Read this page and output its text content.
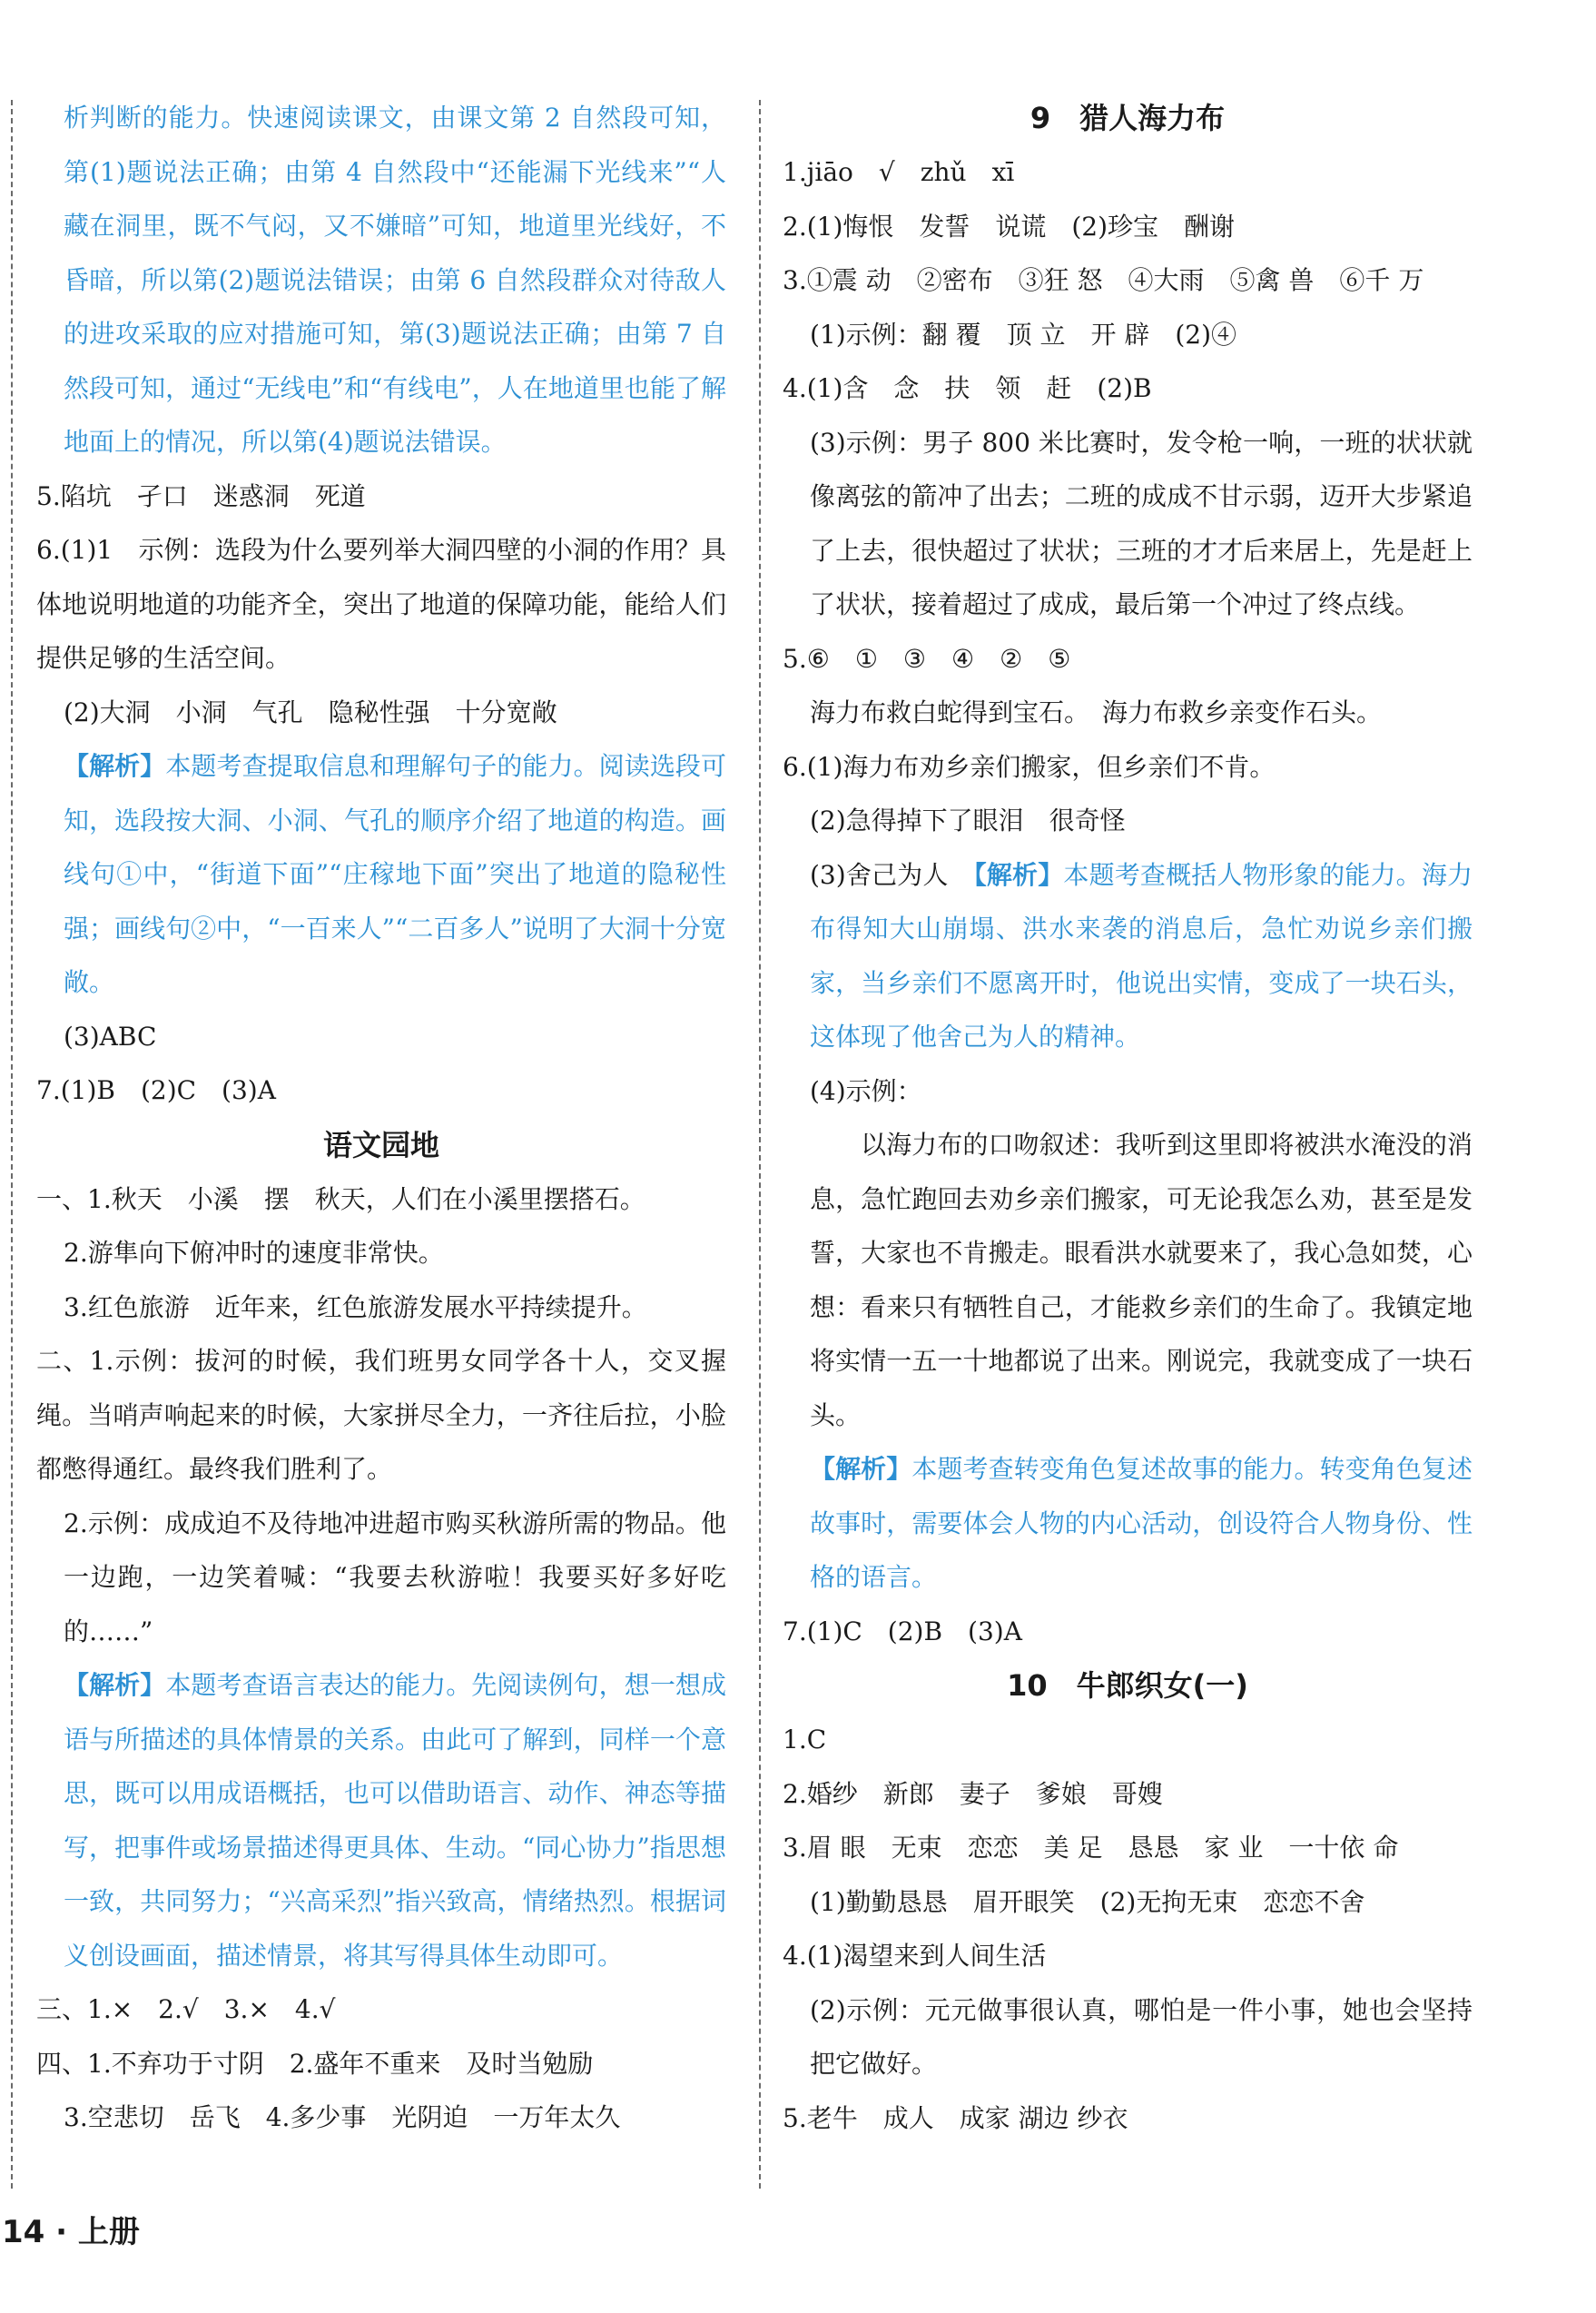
析判断的能力。快速阅读课文，由课文第 2 自然段可知，第(1)题说法正确；由第 4 自然段中“还能漏下光线来”“人藏在洞里，既不气闷，又不嫌暗”可知，地道里光线好，不昏暗，所以第(2)题说法错误；由第 6 自然段群众对待敌人的进攻采取的应对措施可知，第(3)题说法正确；由第 7 自然段可知，通过“无线电”和“有线电”，人在地道里也能了解地面上的情况，所以第(4)题说法错误。

5.陷坑　孑口　迷惑洞　死道

6.(1)1　示例：选段为什么要列举大洞四壁的小洞的作用？具体地说明地道的功能齐全，突出了地道的保障功能，能给人们提供足够的生活空间。

(2)大洞　小洞　气孔　隐秘性强　十分宽敞

【解析】本题考查提取信息和理解句子的能力。阅读选段可知，选段按大洞、小洞、气孔的顺序介绍了地道的构造。画线句①中，“街道下面”“庄稼地下面”突出了地道的隐秘性强；画线句②中，“一百来人”“二百多人”说明了大洞十分宽敞。

(3)ABC

7.(1)B　(2)C　(3)A

语文园地

一、1.秋天　小溪　摆　秋天，人们在小溪里摆搭石。

2.游隼向下俯冲时的速度非常快。

3.红色旅游　近年来，红色旅游发展水平持续提升。

二、1.示例：拔河的时候，我们班男女同学各十人，交叉握绳。当哨声响起来的时候，大家拼尽全力，一齐往后拉，小脸都憋得通红。最终我们胜利了。

2.示例：成成迫不及待地冲进超市购买秋游所需的物品。他一边跑，一边笑着喊：“我要去秋游啦！我要买好多好吃的……”

【解析】本题考查语言表达的能力。先阅读例句，想一想成语与所描述的具体情景的关系。由此可了解到，同样一个意思，既可以用成语概括，也可以借助语言、动作、神态等描写，把事件或场景描述得更具体、生动。“同心协力”指思想一致，共同努力；“兴高采烈”指兴致高，情绪热烈。根据词义创设画面，描述情景，将其写得具体生动即可。

三、1.×　2.√　3.×　4.√

四、1.不弃功于寸阴　2.盛年不重来　及时当勉励

3.空悲切　岳飞　4.多少事　光阴迫　一万年太久

9　猎人海力布

1.jiāo　√　zhǔ　xī

2.(1)悔恨　发誓　说谎　(2)珍宝　酬谢

3.①震 动　②密布　③狂 怒　④大雨　⑤禽 兽　⑥千 万

(1)示例：翻 覆　顶 立　开 辟　(2)④

4.(1)含　念　扶　领　赶　(2)B

(3)示例：男子 800 米比赛时，发令枪一响，一班的状状就像离弦的箭冲了出去；二班的成成不甘示弱，迈开大步紧追了上去，很快超过了状状；三班的才才后来居上，先是赶上了状状，接着超过了成成，最后第一个冲过了终点线。

5.⑥　①　③　④　②　⑤

海力布救白蛇得到宝石。　海力布救乡亲变作石头。

6.(1)海力布劝乡亲们搬家，但乡亲们不肯。

(2)急得掉下了眼泪　很奇怪

(3)舍己为人　【解析】本题考查概括人物形象的能力。海力布得知大山崩塌、洪水来袭的消息后，急忙劝说乡亲们搬家，当乡亲们不愿离开时，他说出实情，变成了一块石头，这体现了他舍己为人的精神。

(4)示例：

以海力布的口吻叙述：我听到这里即将被洪水淹没的消息，急忙跑回去劝乡亲们搬家，可无论我怎么劝，甚至是发誓，大家也不肯搬走。眼看洪水就要来了，我心急如焚，心想：看来只有牺牲自己，才能救乡亲们的生命了。我镇定地将实情一五一十地都说了出来。刚说完，我就变成了一块石头。

【解析】本题考查转变角色复述故事的能力。转变角色复述故事时，需要体会人物的内心活动，创设符合人物身份、性格的语言。

7.(1)C　(2)B　(3)A

10　牛郎织女(一)

1.C

2.婚纱　新郎　妻子　爹娘　哥嫂

3.眉 眼　无束　恋恋　美 足　恳恳　家 业　一十依 命

(1)勤勤恳恳　眉开眼笑　(2)无拘无束　恋恋不舍

4.(1)渴望来到人间生活

(2)示例：元元做事很认真，哪怕是一件小事，她也会坚持把它做好。

5.老牛　成人　成家 湖边 纱衣

14 · 上册
